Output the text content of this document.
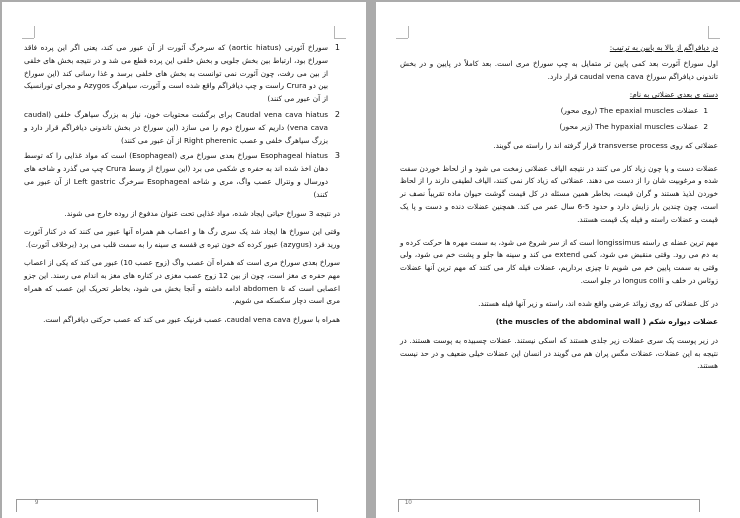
1
سوراخ آئورتی (aortic hiatus) که سرخرگ آئورت از آن عبور می کند، یعنی اگر این پرده فاقد سوراخ بود، ارتباط بین بخش جلویی و بخش خلفی این پرده قطع می شد و در نتیجه بخش های خلفی از بین می رفت، چون آئورت نمی توانست به بخش های خلفی برسد و غذا رسانی کند (این سوراخ بین دو Crura راست و چپ دیافراگم واقع شده است و آئورت، سیاهرگ Azygos و مجرای تورانسیک از آن عبور می کنند)
2
Caudal vena cava hiatus برای برگشت محتویات خون، نیاز به بزرگ سیاهرگ خلفی (caudal vena cava) داریم که سوراخ دوم را می سازد (این سوراخ در بخش تاندونی دیافراگم قرار دارد و بزرگ سیاهرگ خلفی و عصب Right pherenic از آن عبور می کنند)
3
Esophageal hiatus سوراخ بعدی سوراخ مری (Esophageal) است که مواد غذایی را که توسط دهان اخذ شده اند به حفره ی شکمی می برد (این سوراخ از وسط Crura چپ می گذرد و شاخه های دورسال و ونترال عصب واگ، مری و شاخه Esophageal سرخرگ Left gastric از آن عبور می کنند)

در نتیجه 3 سوراخ حیاتی ایجاد شده، مواد غذایی تحت عنوان مدفوع از روده خارج می شوند.

وقتی این سوراخ ها ایجاد شد یک سری رگ ها و اعصاب هم همراه آنها عبور می کنند که در کنار آئورت ورید فرد (azygus) عبور کرده که خون تیره ی قفسه ی سینه را به سمت قلب می برد (برخلاف آئورت).

سوراخ بعدی سوراخ مری است که همراه آن عصب واگ (زوج عصب 10) عبور می کند که یکی از اعصاب مهم حفره ی مغز است، چون از بین 12 زوج عصب مغزی در کناره های مغز به اندام می رسند. این جزو اعصابی است که تا abdomen ادامه داشته و آنجا بخش می شود، بخاطر تحریک این عصب که همراه مری است دچار سکسکه می شویم.

همراه با سوراخ caudal vena cava، عصب فرنیک عبور می کند که عصب حرکتی دیافراگم است.

9

در دیافراگم از بالا به پایین به ترتیب:

اول سوراخ آئورت بعد کمی پایین تر متمایل به چپ سوراخ مری است. بعد کاملاً در پایین و در بخش تاندونی دیافراگم سوراخ caudal vena cava قرار دارد.

دسته ی بعدی عضلاتی به نام:

1
عضلات The epaxial muscles (روی محور)
2
عضلات The hypaxial muscles (زیر محور)

عضلاتی که روی transverse process قرار گرفته اند را راسته می گویند.

عضلات دست و پا چون زیاد کار می کنند در نتیجه الیاف عضلانی زمخت می شود و از لحاظ خوردن سفت شده و مرغوبیت شان را از دست می دهند. عضلاتی که زیاد کار نمی کنند، الیاف لطیفی دارند را از لحاظ خوردن لذیذ هستند و گران قیمت، بخاطر همین مسئله در کل قیمت گوشت حیوان ماده تقریباً نصف نر است، چون چندین بار زایش دارد و حدود 5-6 سال عمر می کند. همچنین عضلات دنده و دست و پا یک قیمت و عضلات راسته و فیله یک قیمت هستند.

مهم ترین عضله ی راسته longissimus است که از سر شروع می شود، به سمت مهره ها حرکت کرده و به دم می رود. وقتی منقبض می شود، کمی extend می کند و سینه ها جلو و پشت خم می شود، ولی وقتی به سمت پایین خم می شویم تا چیزی برداریم، عضلات فیله کار می کنند که مهم ترین آنها عضلات زوئاس در خلف و longus colli در جلو است.

در کل عضلاتی که روی زوائد عرضی واقع شده اند، راسته و زیر آنها فیله هستند.

عضلات دیواره شکم ( the muscles of the abdominal wall)

در زیر پوست یک سری عضلات زیر جلدی هستند که اسکی نیستند. عضلات چسبیده به پوست هستند. در نتیجه به این عضلات، عضلات مگس پران هم می گویند در انسان این عضلات خیلی ضعیف و در حد نیست هستند.

10
